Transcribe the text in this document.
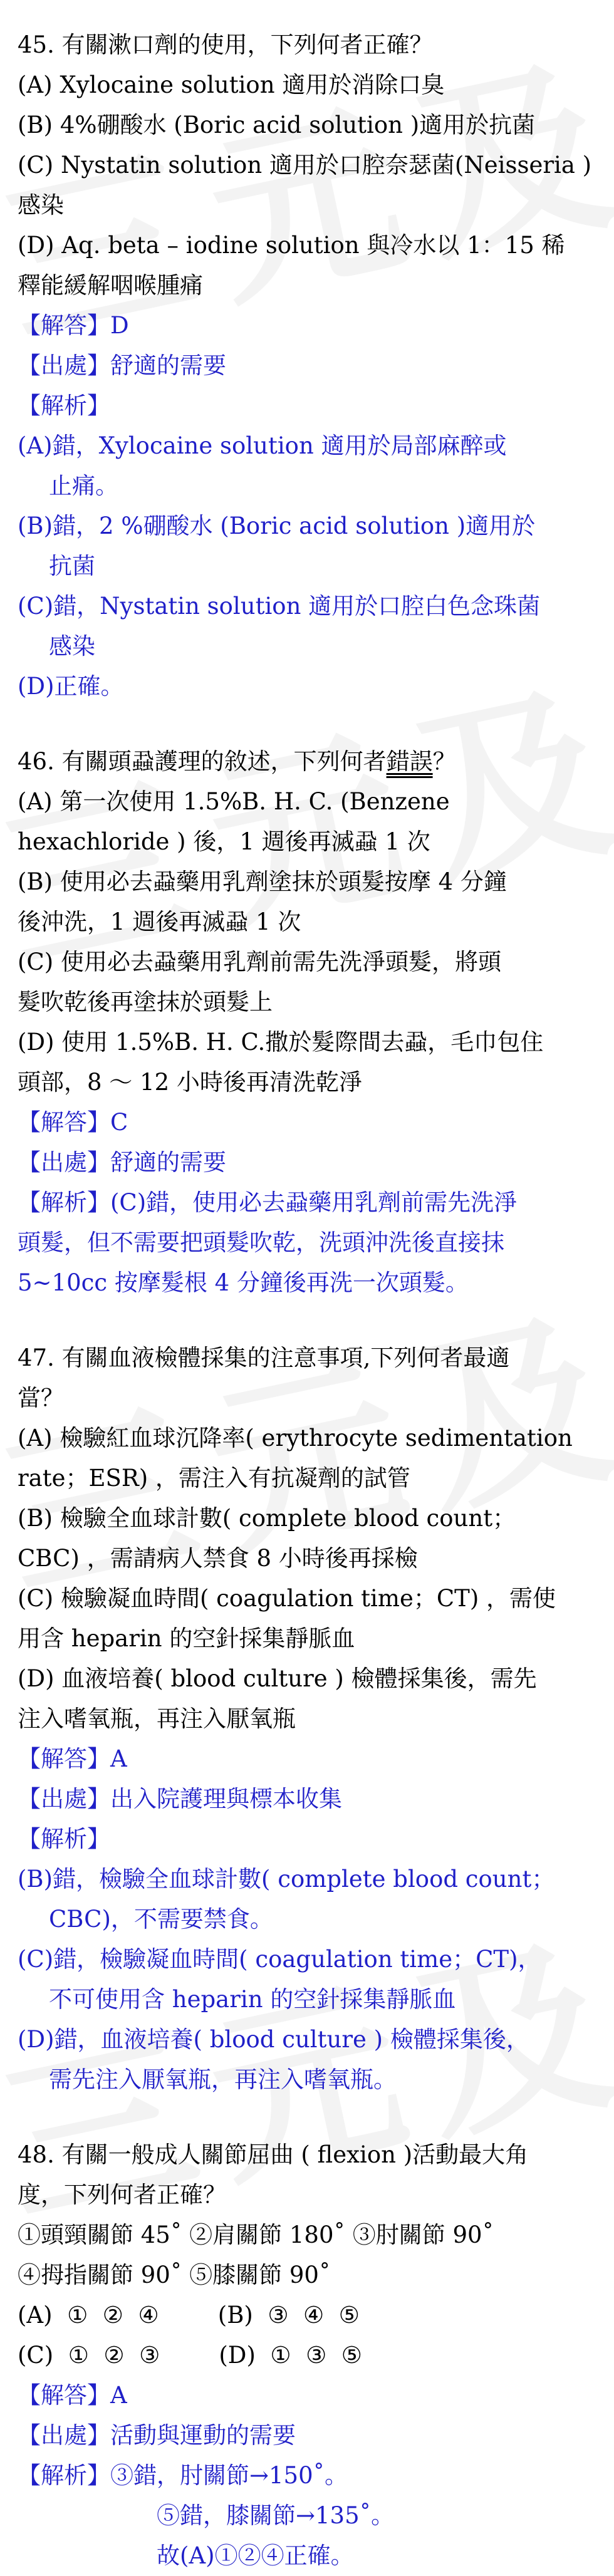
45. 有關漱口劑的使用，下列何者正確？

(A) Xylocaine solution 適用於消除口臭

(B) 4%硼酸水 (Boric acid solution )適用於抗菌

(C) Nystatin solution 適用於口腔奈瑟菌(Neisseria )

感染

(D) Aq. beta – iodine solution 與冷水以 1：15 稀

釋能緩解咽喉腫痛

【解答】D

【出處】舒適的需要

【解析】

(A)錯，Xylocaine solution 適用於局部麻醉或

止痛。

(B)錯，2 %硼酸水 (Boric acid solution )適用於

抗菌

(C)錯，Nystatin solution 適用於口腔白色念珠菌

感染

(D)正確。

46. 有關頭蝨護理的敘述，下列何者錯誤？

(A) 第一次使用 1.5%B. H. C. (Benzene

hexachloride ) 後，1 週後再滅蝨 1 次

(B) 使用必去蝨藥用乳劑塗抹於頭髮按摩 4 分鐘

後沖洗，1 週後再滅蝨 1 次

(C) 使用必去蝨藥用乳劑前需先洗淨頭髮，將頭

髮吹乾後再塗抹於頭髮上

(D) 使用 1.5%B. H. C.撒於髮際間去蝨，毛巾包住

頭部，8 ～ 12 小時後再清洗乾淨

【解答】C

【出處】舒適的需要

【解析】(C)錯，使用必去蝨藥用乳劑前需先洗淨

頭髮，但不需要把頭髮吹乾，洗頭沖洗後直接抹

5~10cc 按摩髮根 4 分鐘後再洗一次頭髮。

47. 有關血液檢體採集的注意事項,下列何者最適

當？

(A) 檢驗紅血球沉降率( erythrocyte sedimentation

rate；ESR) ，需注入有抗凝劑的試管

(B) 檢驗全血球計數( complete blood count；

CBC) ，需請病人禁食 8 小時後再採檢

(C) 檢驗凝血時間( coagulation time；CT) ，需使

用含 heparin 的空針採集靜脈血

(D) 血液培養( blood culture ) 檢體採集後，需先

注入嗜氧瓶，再注入厭氧瓶

【解答】A

【出處】出入院護理與標本收集

【解析】

(B)錯，檢驗全血球計數( complete blood count；

CBC)，不需要禁食。

(C)錯，檢驗凝血時間( coagulation time；CT)，

不可使用含 heparin 的空針採集靜脈血

(D)錯，血液培養( blood culture ) 檢體採集後，

需先注入厭氧瓶，再注入嗜氧瓶。

48. 有關一般成人關節屈曲 ( flexion )活動最大角

度，下列何者正確？

①頭頸關節 45˚ ②肩關節 180˚ ③肘關節 90˚

④拇指關節 90˚ ⑤膝關節 90˚

(A)  ①  ②  ④        (B)  ③  ④  ⑤

(C)  ①  ②  ③        (D)  ①  ③  ⑤

【解答】A

【出處】活動與運動的需要

【解析】③錯，肘關節→150˚。

⑤錯，膝關節→135˚。

故(A)①②④正確。
